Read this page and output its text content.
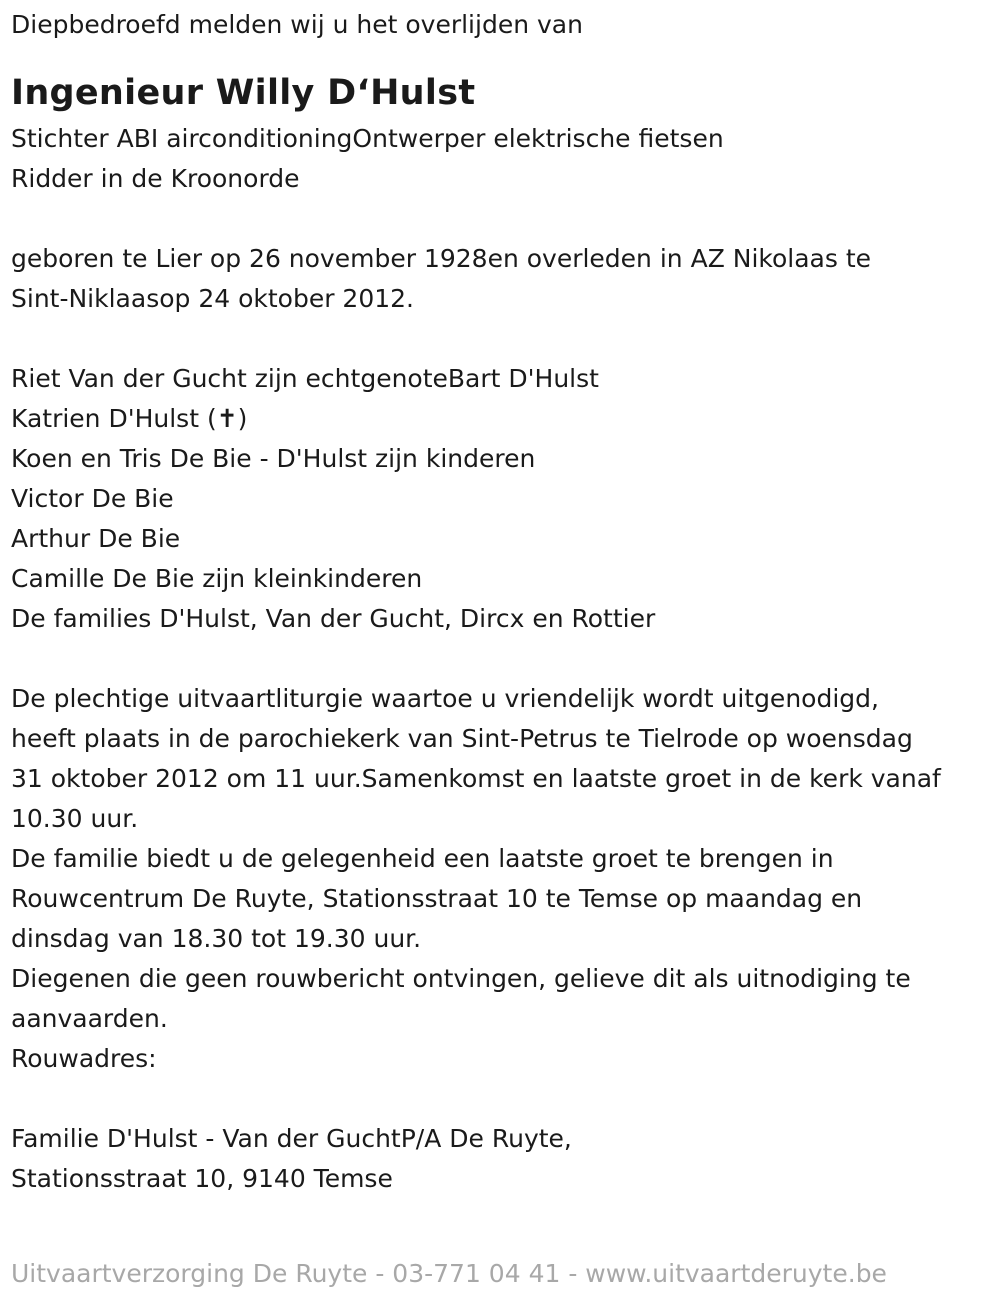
Diepbedroefd melden wij u het overlijden van

Ingenieur Willy D‘Hulst

Stichter ABI airconditioningOntwerper elektrische fietsen

Ridder in de Kroonorde

geboren te Lier op 26 november 1928en overleden in AZ Nikolaas te

Sint-Niklaasop 24 oktober 2012.

Riet Van der Gucht zijn echtgenoteBart D'Hulst

Katrien D'Hulst (✝)

Koen en Tris De Bie - D'Hulst zijn kinderen

Victor De Bie

Arthur De Bie

Camille De Bie zijn kleinkinderen

De families D'Hulst, Van der Gucht, Dircx en Rottier

De plechtige uitvaartliturgie waartoe u vriendelijk wordt uitgenodigd,

heeft plaats in de parochiekerk van Sint-Petrus te Tielrode op woensdag

31 oktober 2012 om 11 uur.Samenkomst en laatste groet in de kerk vanaf

10.30 uur.

De familie biedt u de gelegenheid een laatste groet te brengen in

Rouwcentrum De Ruyte, Stationsstraat 10 te Temse op maandag en

dinsdag van 18.30 tot 19.30 uur.

Diegenen die geen rouwbericht ontvingen, gelieve dit als uitnodiging te

aanvaarden.

Rouwadres:

Familie D'Hulst - Van der GuchtP/A De Ruyte,

Stationsstraat 10, 9140 Temse

Uitvaartverzorging De Ruyte - 03-771 04 41 - www.uitvaartderuyte.be
